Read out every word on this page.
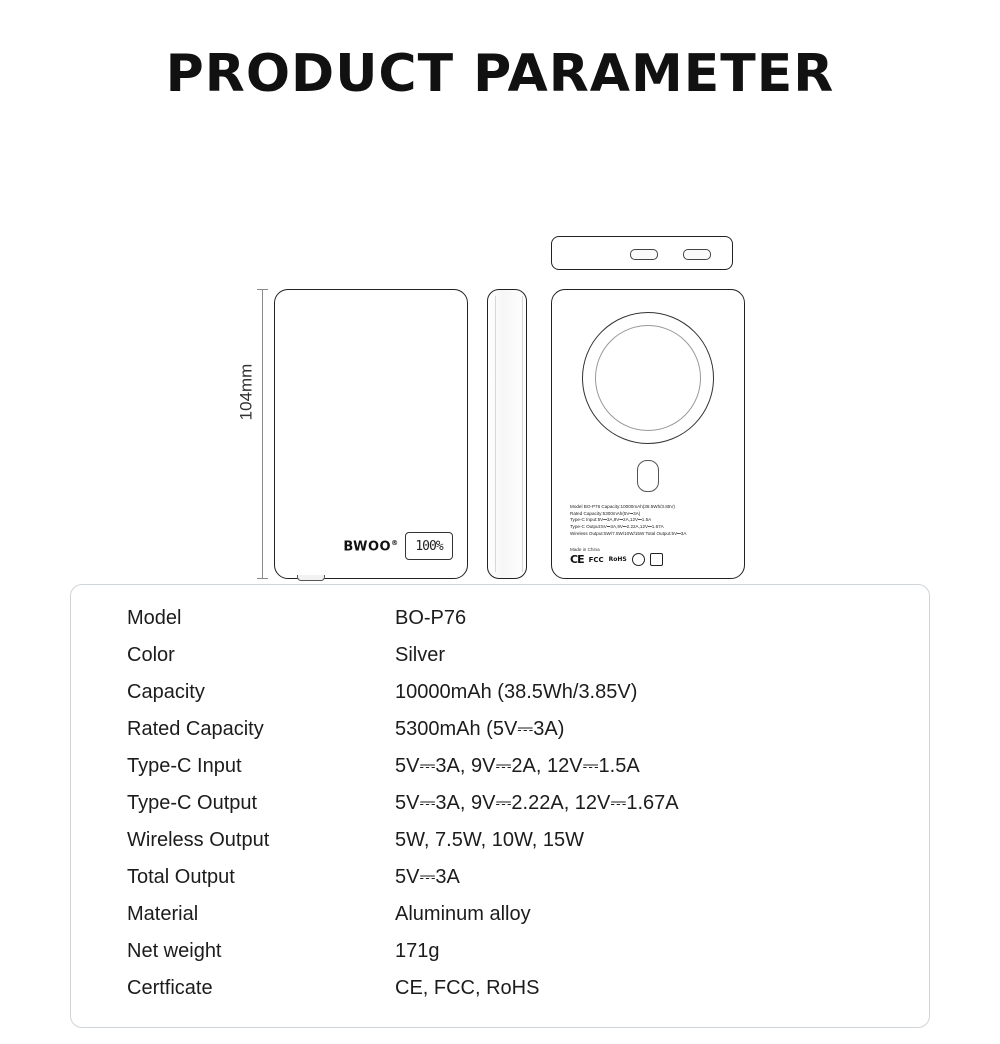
PRODUCT PARAMETER
104mm
BWOO® 100%
Model BO-P76 Capacity:10000mAh(38.5Wh/3.85V)
Rated Capacity:5300mAh(5V⎓3A)
Type-C Input:5V⎓3A,9V⎓2A,12V⎓1.5A
Type-C Output:5V⎓3A,9V⎓2.22A,12V⎓1.67A
Wireless Output:5W/7.5W/10W/15W Total Output:5V⎓3A
Made in China
CE FCC RoHS
Model	BO-P76
Color	Silver
Capacity	10000mAh (38.5Wh/3.85V)
Rated Capacity	5300mAh (5V⎓3A)
Type-C Input	5V⎓3A, 9V⎓2A, 12V⎓1.5A
Type-C Output	5V⎓3A, 9V⎓2.22A, 12V⎓1.67A
Wireless Output	5W, 7.5W, 10W, 15W
Total Output	5V⎓3A
Material	Aluminum alloy
Net weight	171g
Certficate	CE, FCC, RoHS
